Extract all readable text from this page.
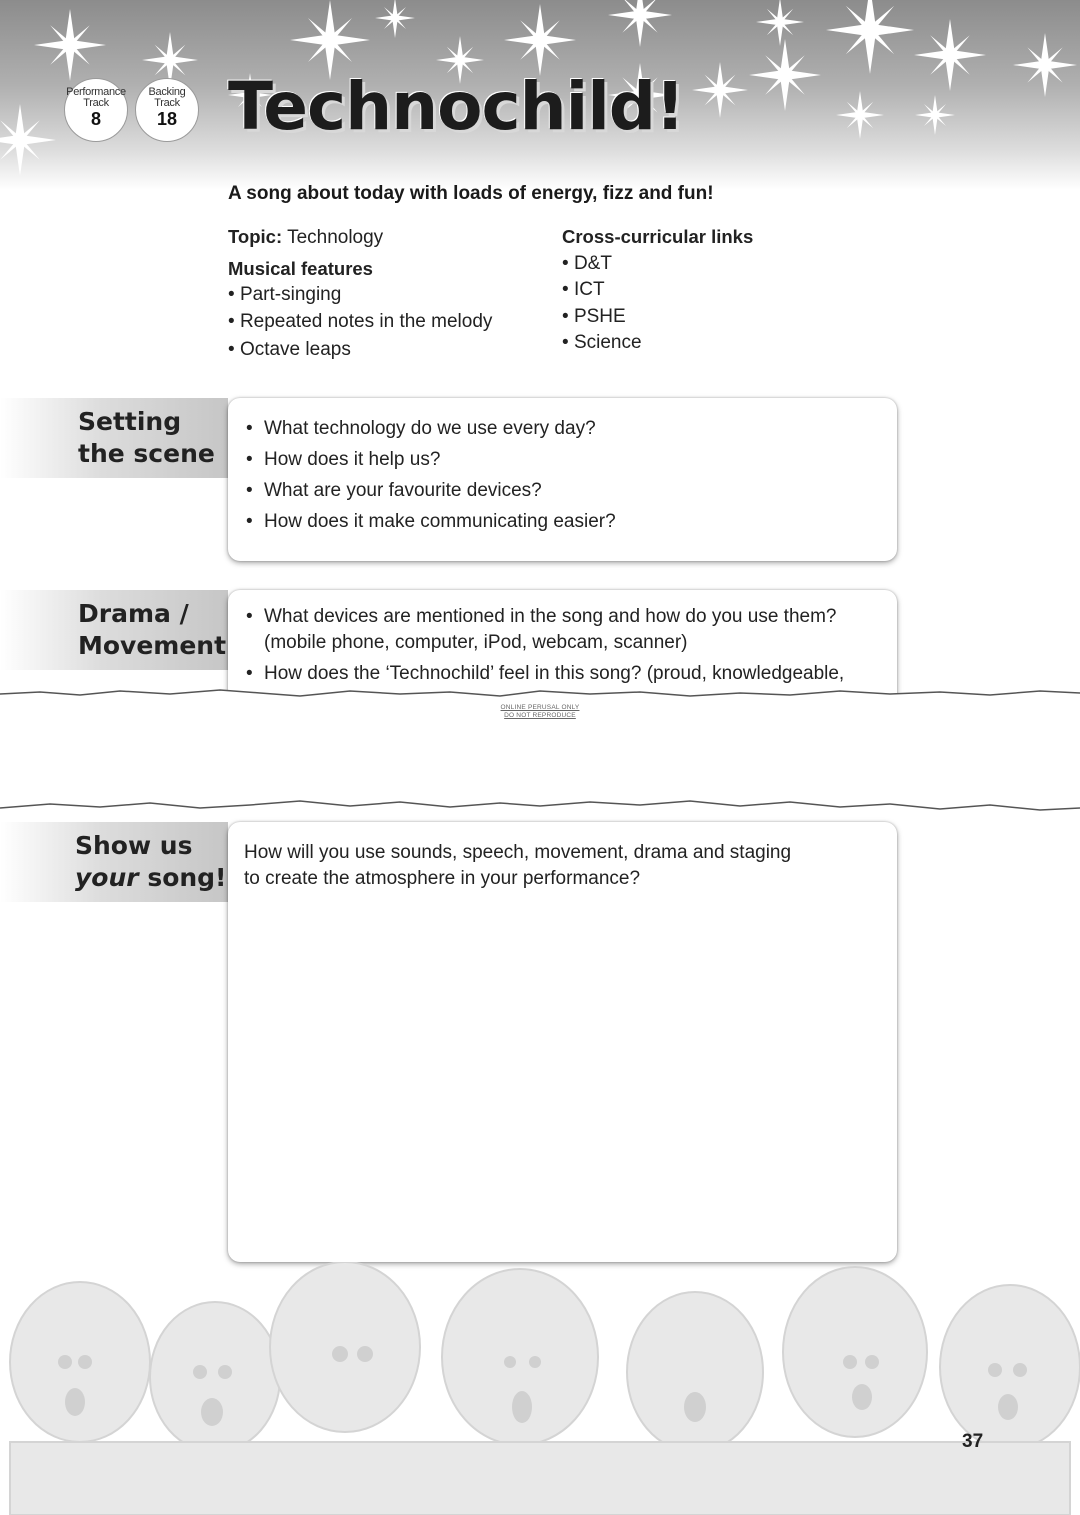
Performance
Track
8
Backing
Track
18 Technochild!
A song about today with loads of energy, fizz and fun!
Topic: Technology
Musical features
• Part-singing
• Repeated notes in the melody
• Octave leaps
Cross-curricular links
• D&T
• ICT
• PSHE
• Science
Setting
the scene
• What technology do we use every day?
• How does it help us?
• What are your favourite devices?
• How does it make communicating easier?
Drama /
Movement
• What devices are mentioned in the song and how do you use them? (mobile phone, computer, iPod, webcam, scanner)
• How does the ‘Technochild’ feel in this song? (proud, knowledgeable,
ONLINE PERUSAL ONLY
DO NOT REPRODUCE
Show us
your song!
How will you use sounds, speech, movement, drama and staging
to create the atmosphere in your performance?
37
